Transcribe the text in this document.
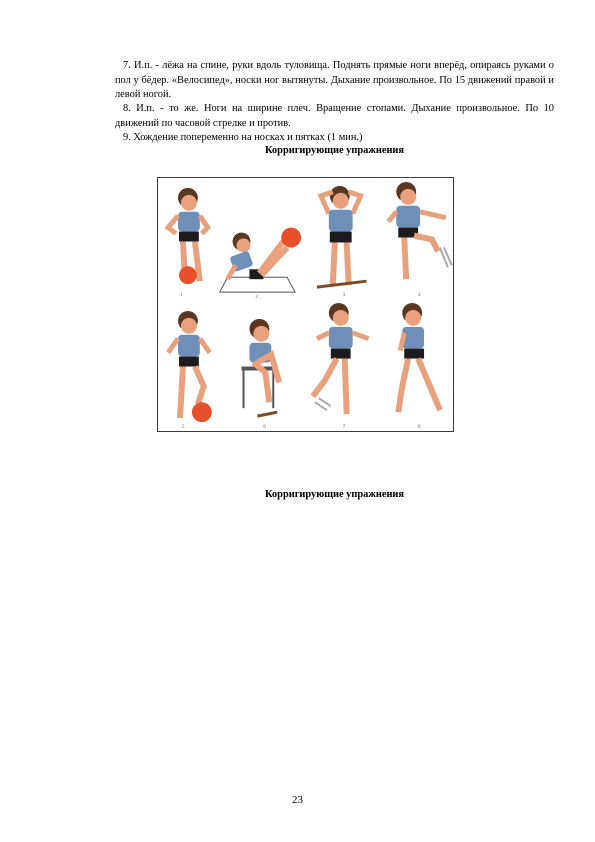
7. И.п. - лёжа на спине, руки вдоль туловища. Поднять прямые ноги вперёд, опираясь руками о пол у бёдер. «Велосипед», носки ног вытянуты. Дыхание произвольное. По 15 движений правой и левой ногой.

8. И.п. - то же. Ноги на ширине плеч. Вращение стопами. Дыхание произвольное. По 10 движений по часовой стрелке и против.

9. Хождение попеременно на носках и пятках (1 мин.)

Корригирующие упражнения

1	2	3	4
5	6	7	8

Корригирующие упражнения

23
